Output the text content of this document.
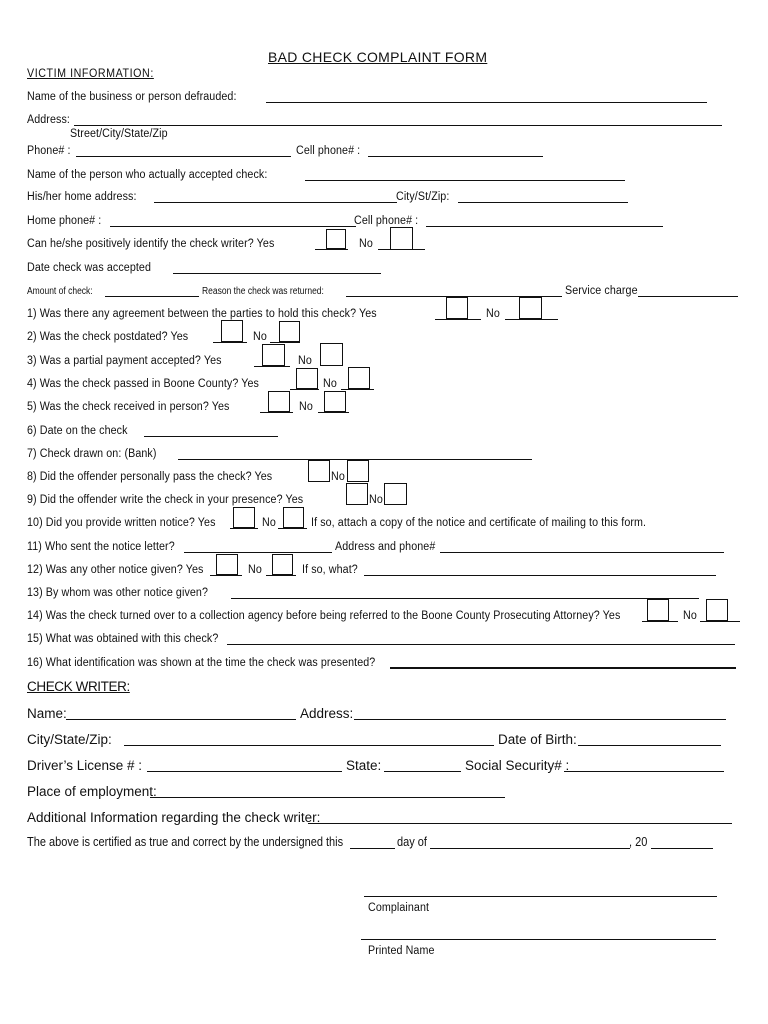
BAD CHECK COMPLAINT FORM
VICTIM INFORMATION:
Name of the business or person defrauded:
Address:
Street/City/State/Zip
Phone# :	Cell phone# :
Name of the person who actually accepted check:
His/her home address:	City/St/Zip:
Home phone# :	Cell phone# :
Can he/she positively identify the check writer? Yes	No
Date check was accepted
Amount of check:	Reason the check was returned:	Service charge
1) Was there any agreement between the parties to hold this check? Yes	No
2) Was the check postdated? Yes	No
3) Was a partial payment accepted? Yes	No
4) Was the check passed in Boone County? Yes	No
5) Was the check received in person? Yes	No
6) Date on the check
7) Check drawn on: (Bank)
8) Did the offender personally pass the check? Yes	No
9) Did the offender write the check in your presence? Yes	No
10) Did you provide written notice? Yes	No	If so, attach a copy of the notice and certificate of mailing to this form.
11) Who sent the notice letter?	Address and phone#
12) Was any other notice given? Yes	No	If so, what?
13) By whom was other notice given?
14) Was the check turned over to a collection agency before being referred to the Boone County Prosecuting Attorney? Yes	No
15) What was obtained with this check?
16) What identification was shown at the time the check was presented?
CHECK WRITER:
Name:	Address:
City/State/Zip:	Date of Birth:
Driver’s License # :	State:	Social Security# :
Place of employment:
Additional Information regarding the check writer:
The above is certified as true and correct by the undersigned this	day of	, 20
Complainant
Printed Name
